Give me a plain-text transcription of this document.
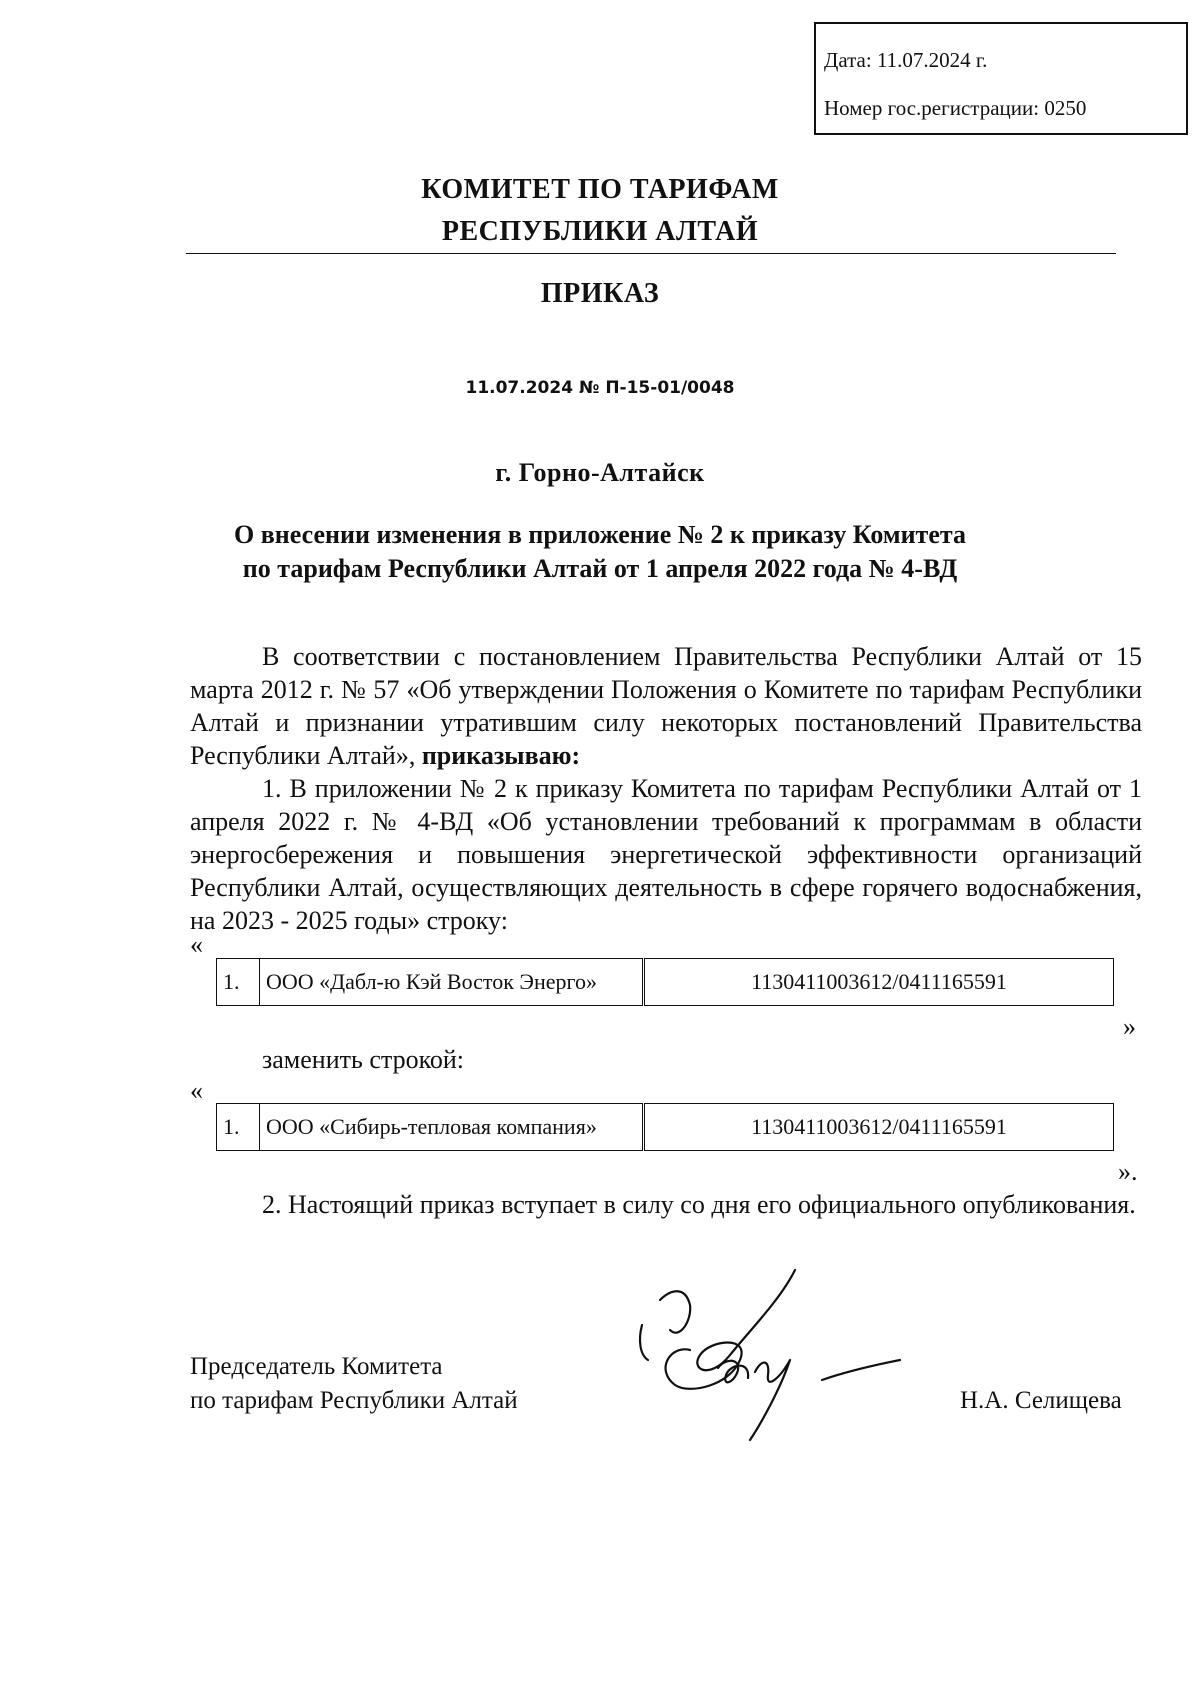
Дата: 11.07.2024 г.
Номер гос.регистрации: 0250
КОМИТЕТ ПО ТАРИФАМ
РЕСПУБЛИКИ АЛТАЙ
ПРИКАЗ
11.07.2024 № П-15-01/0048
г. Горно-Алтайск
О внесении изменения в приложение № 2 к приказу Комитета
по тарифам Республики Алтай от 1 апреля 2022 года № 4-ВД
В соответствии с постановлением Правительства Республики Алтай от 15 марта 2012 г. № 57 «Об утверждении Положения о Комитете по тарифам Республики Алтай и признании утратившим силу некоторых постановлений Правительства Республики Алтай», приказываю:
1. В приложении № 2 к приказу Комитета по тарифам Республики Алтай от 1 апреля 2022 г. № 4-ВД «Об установлении требований к программам в области энергосбережения и повышения энергетической эффективности организаций Республики Алтай, осуществляющих деятельность в сфере горячего водоснабжения, на 2023 - 2025 годы» строку:
«
1.	ООО «Дабл-ю Кэй Восток Энерго»	1130411003612/0411165591
»
заменить строкой:
«
1.	ООО «Сибирь-тепловая компания»	1130411003612/0411165591
».
2. Настоящий приказ вступает в силу со дня его официального опубликования.
Председатель Комитета
по тарифам Республики Алтай	Н.А. Селищева
